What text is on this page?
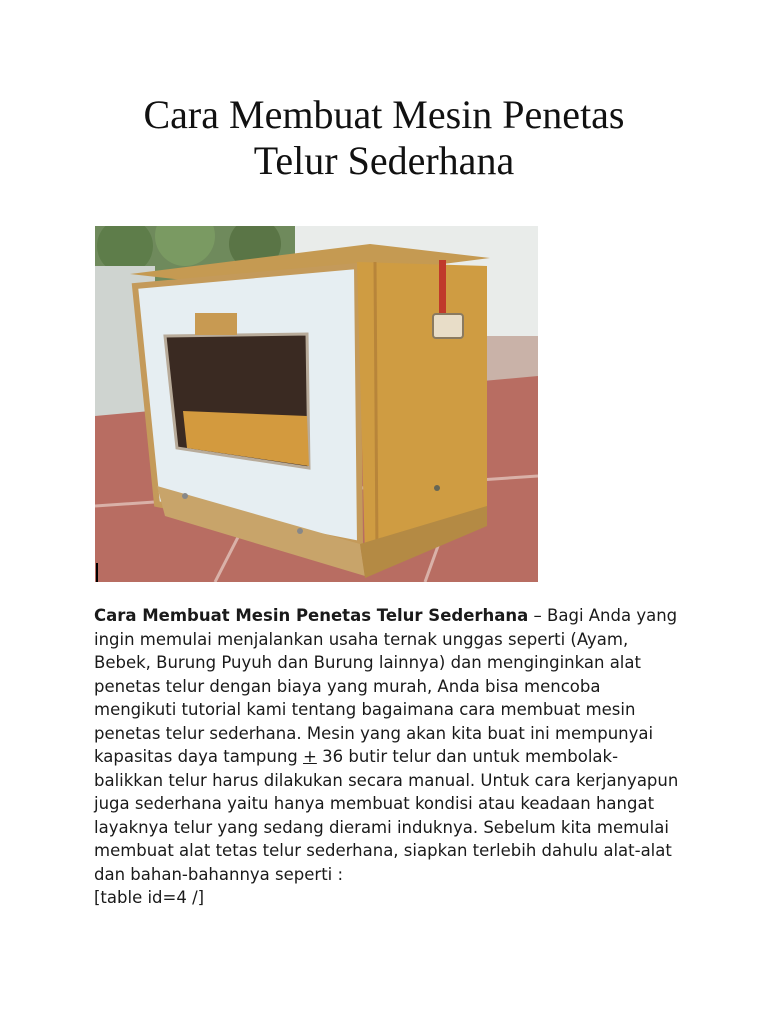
Cara Membuat Mesin Penetas
Telur Sederhana
Cara Membuat Mesin Penetas Telur Sederhana – Bagi Anda yang
ingin memulai menjalankan usaha ternak unggas seperti (Ayam,
Bebek, Burung Puyuh dan Burung lainnya) dan menginginkan alat
penetas telur dengan biaya yang murah, Anda bisa mencoba
mengikuti tutorial kami tentang bagaimana cara membuat mesin
penetas telur sederhana. Mesin yang akan kita buat ini mempunyai
kapasitas daya tampung + 36 butir telur dan untuk membolak-
balikkan telur harus dilakukan secara manual. Untuk cara kerjanyapun
juga sederhana yaitu hanya membuat kondisi atau keadaan hangat
layaknya telur yang sedang dierami induknya. Sebelum kita memulai
membuat alat tetas telur sederhana, siapkan terlebih dahulu alat-alat
dan bahan-bahannya seperti :
[table id=4 /]
